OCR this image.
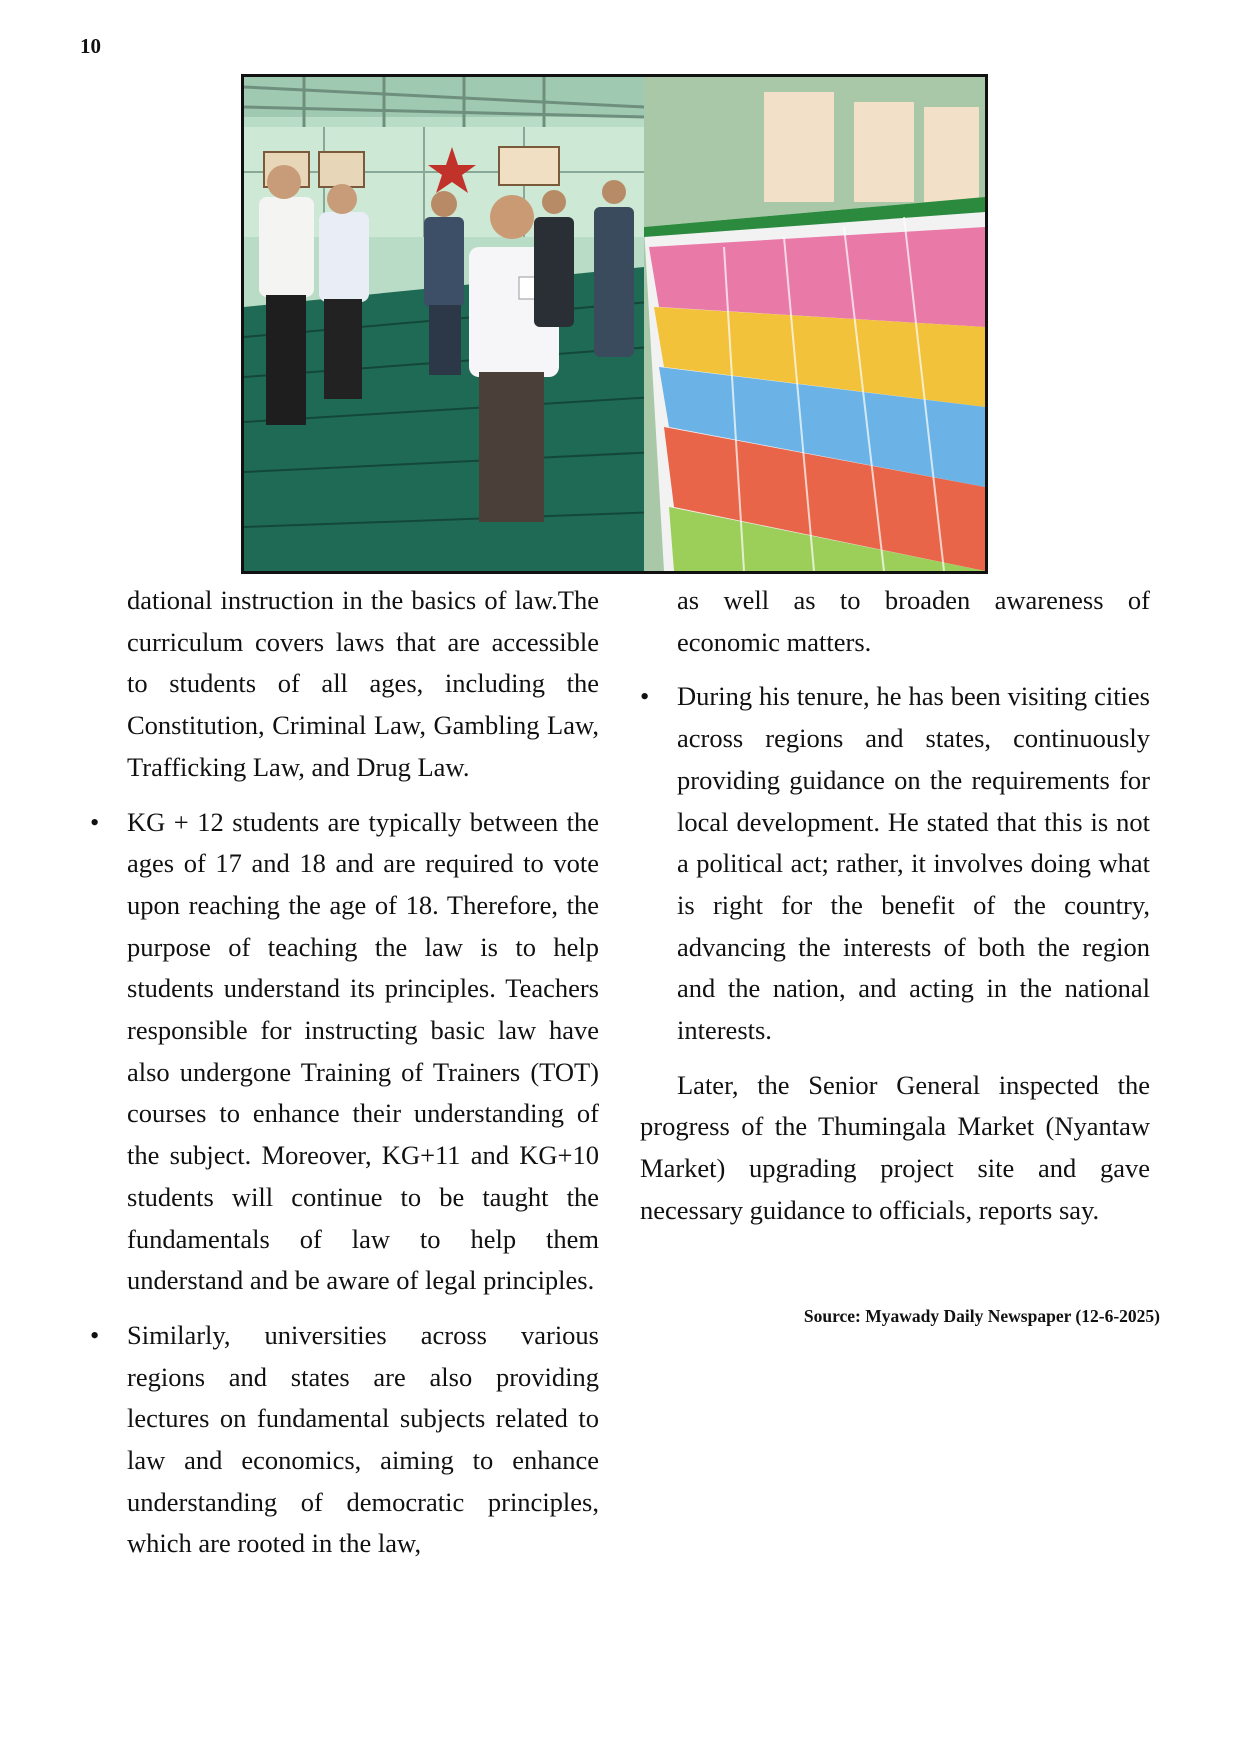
10

dational instruction in the basics of law.The curriculum covers laws that are accessible to students of all ages, including the Constitution, Criminal Law, Gambling Law, Trafficking Law, and Drug Law.

• KG + 12 students are typically between the ages of 17 and 18 and are required to vote upon reaching the age of 18. Therefore, the purpose of teaching the law is to help students understand its principles. Teachers responsible for instructing basic law have also undergone Training of Trainers (TOT) courses to enhance their understanding of the subject. Moreover, KG+11 and KG+10 students will continue to be taught the fundamentals of law to help them understand and be aware of legal principles.
• Similarly, universities across various regions and states are also providing lectures on fundamental subjects related to law and economics, aiming to enhance understanding of democratic principles, which are rooted in the law,

as well as to broaden awareness of economic matters.

• During his tenure, he has been visiting cities across regions and states, continuously providing guidance on the requirements for local development. He stated that this is not a political act; rather, it involves doing what is right for the benefit of the country, advancing the interests of both the region and the nation, and acting in the national interests.

Later, the Senior General inspected the progress of the Thumingala Market (Nyantaw Market) upgrading project site and gave necessary guidance to officials, reports say.

Source: Myawady Daily Newspaper (12-6-2025)
